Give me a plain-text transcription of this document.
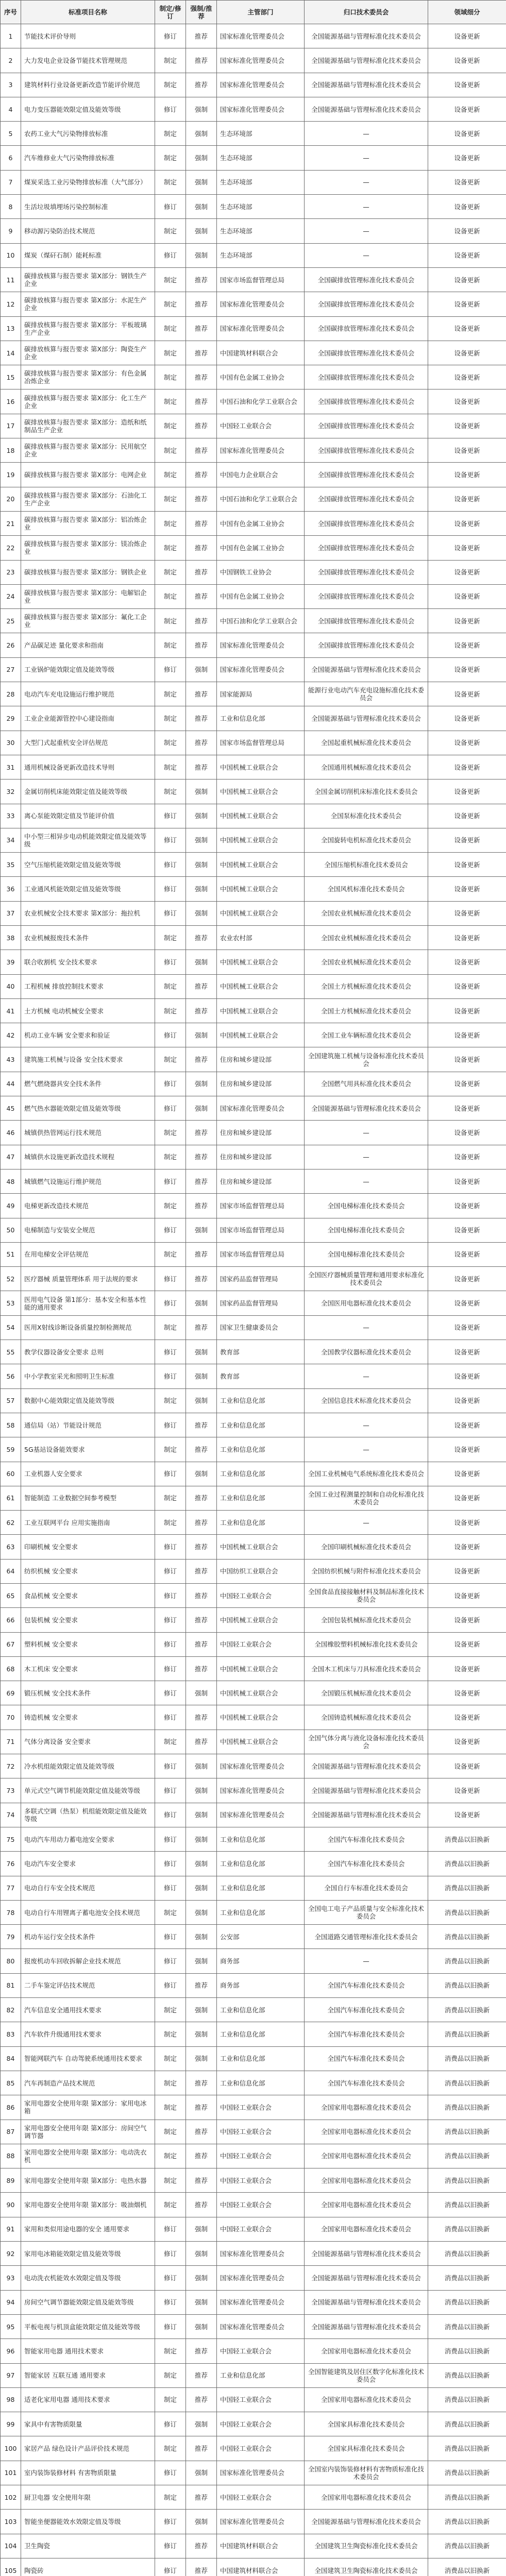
序号	标准项目名称	制定/修订	强制/推荐	主管部门	归口技术委员会	领域细分
1	节能技术评价导则	修订	推荐	国家标准化管理委员会	全国能源基础与管理标准化技术委员会	设备更新
2	大力发电企业设备节能技术管理规范	制定	推荐	国家标准化管理委员会	全国能源基础与管理标准化技术委员会	设备更新
3	建筑材料行业设备更新改造节能评价规范	制定	推荐	国家标准化管理委员会	全国能源基础与管理标准化技术委员会	设备更新
4	电力变压器能效限定值及能效等级	修订	强制	国家标准化管理委员会	全国能源基础与管理标准化技术委员会	设备更新
5	农药工业大气污染物排放标准	制定	强制	生态环境部	—	设备更新
6	汽车维修业大气污染物排放标准	制定	强制	生态环境部	—	设备更新
7	煤炭采选工业污染物排放标准（大气部分）	制定	强制	生态环境部	—	设备更新
8	生活垃圾填埋场污染控制标准	修订	强制	生态环境部	—	设备更新
9	移动源污染防治技术规范	制定	强制	生态环境部	—	设备更新
10	煤炭（煤矸石制）能耗标准	修订	强制	生态环境部	—	设备更新
11	碳排放核算与报告要求 第X部分：钢铁生产企业	制定	推荐	国家市场监督管理总局	全国碳排放管理标准化技术委员会	设备更新
12	碳排放核算与报告要求 第X部分：水泥生产企业	制定	推荐	国家标准化管理委员会	全国碳排放管理标准化技术委员会	设备更新
13	碳排放核算与报告要求 第X部分：平板玻璃生产企业	制定	推荐	国家标准化管理委员会	全国碳排放管理标准化技术委员会	设备更新
14	碳排放核算与报告要求 第X部分：陶瓷生产企业	制定	推荐	中国建筑材料联合会	全国碳排放管理标准化技术委员会	设备更新
15	碳排放核算与报告要求 第X部分：有色金属冶炼企业	制定	推荐	中国有色金属工业协会	全国碳排放管理标准化技术委员会	设备更新
16	碳排放核算与报告要求 第X部分：化工生产企业	制定	推荐	中国石油和化学工业联合会	全国碳排放管理标准化技术委员会	设备更新
17	碳排放核算与报告要求 第X部分：造纸和纸制品生产企业	制定	推荐	中国轻工业联合会	全国碳排放管理标准化技术委员会	设备更新
18	碳排放核算与报告要求 第X部分：民用航空企业	制定	推荐	国家标准化管理委员会	全国碳排放管理标准化技术委员会	设备更新
19	碳排放核算与报告要求 第X部分：电网企业	制定	推荐	中国电力企业联合会	全国碳排放管理标准化技术委员会	设备更新
20	碳排放核算与报告要求 第X部分：石油化工生产企业	制定	推荐	中国石油和化学工业联合会	全国碳排放管理标准化技术委员会	设备更新
21	碳排放核算与报告要求 第X部分：铝冶炼企业	制定	推荐	中国有色金属工业协会	全国碳排放管理标准化技术委员会	设备更新
22	碳排放核算与报告要求 第X部分：镁冶炼企业	制定	推荐	中国有色金属工业协会	全国碳排放管理标准化技术委员会	设备更新
23	碳排放核算与报告要求 第X部分：钢铁企业	制定	推荐	中国钢铁工业协会	全国碳排放管理标准化技术委员会	设备更新
24	碳排放核算与报告要求 第X部分：电解铝企业	制定	推荐	中国有色金属工业协会	全国碳排放管理标准化技术委员会	设备更新
25	碳排放核算与报告要求 第X部分：氟化工企业	制定	推荐	中国石油和化学工业联合会	全国碳排放管理标准化技术委员会	设备更新
26	产品碳足迹 量化要求和指南	制定	推荐	国家标准化管理委员会	全国碳排放管理标准化技术委员会	设备更新
27	工业锅炉能效限定值及能效等级	修订	强制	国家标准化管理委员会	全国能源基础与管理标准化技术委员会	设备更新
28	电动汽车充电设施运行维护规范	制定	推荐	国家能源局	能源行业电动汽车充电设施标准化技术委员会	设备更新
29	工业企业能源管控中心建设指南	制定	推荐	工业和信息化部	全国能源基础与管理标准化技术委员会	设备更新
30	大型门式起重机安全评估规范	制定	推荐	国家市场监督管理总局	全国起重机械标准化技术委员会	设备更新
31	通用机械设备更新改造技术导则	制定	推荐	中国机械工业联合会	全国通用机械标准化技术委员会	设备更新
32	金属切削机床能效限定值及能效等级	制定	强制	中国机械工业联合会	全国金属切削机床标准化技术委员会	设备更新
33	离心泵能效限定值及节能评价值	修订	强制	中国机械工业联合会	全国泵标准化技术委员会	设备更新
34	中小型三相异步电动机能效限定值及能效等级	修订	强制	中国机械工业联合会	全国旋转电机标准化技术委员会	设备更新
35	空气压缩机能效限定值及能效等级	修订	强制	中国机械工业联合会	全国压缩机标准化技术委员会	设备更新
36	工业通风机能效限定值及能效等级	修订	强制	中国机械工业联合会	全国风机标准化技术委员会	设备更新
37	农业机械安全技术要求 第X部分：拖拉机	修订	强制	中国机械工业联合会	全国农业机械标准化技术委员会	设备更新
38	农业机械报废技术条件	制定	推荐	农业农村部	全国农业机械标准化技术委员会	设备更新
39	联合收割机 安全技术要求	修订	强制	中国机械工业联合会	全国农业机械标准化技术委员会	设备更新
40	工程机械 排放控制技术要求	制定	推荐	中国机械工业联合会	全国土方机械标准化技术委员会	设备更新
41	土方机械 电动机械安全要求	制定	推荐	中国机械工业联合会	全国土方机械标准化技术委员会	设备更新
42	机动工业车辆 安全要求和验证	修订	强制	中国机械工业联合会	全国工业车辆标准化技术委员会	设备更新
43	建筑施工机械与设备 安全技术要求	制定	推荐	住房和城乡建设部	全国建筑施工机械与设备标准化技术委员会	设备更新
44	燃气燃烧器具安全技术条件	修订	强制	住房和城乡建设部	全国燃气用具标准化技术委员会	设备更新
45	燃气热水器能效限定值及能效等级	修订	强制	国家标准化管理委员会	全国能源基础与管理标准化技术委员会	设备更新
46	城镇供热管网运行技术规范	制定	推荐	住房和城乡建设部	—	设备更新
47	城镇供水设施更新改造技术规程	制定	推荐	住房和城乡建设部	—	设备更新
48	城镇燃气设施运行维护规范	修订	推荐	住房和城乡建设部	—	设备更新
49	电梯更新改造技术规范	制定	推荐	国家市场监督管理总局	全国电梯标准化技术委员会	设备更新
50	电梯制造与安装安全规范	修订	强制	国家市场监督管理总局	全国电梯标准化技术委员会	设备更新
51	在用电梯安全评估规范	制定	推荐	国家市场监督管理总局	全国电梯标准化技术委员会	设备更新
52	医疗器械 质量管理体系 用于法规的要求	修订	推荐	国家药品监督管理局	全国医疗器械质量管理和通用要求标准化技术委员会	设备更新
53	医用电气设备 第1部分：基本安全和基本性能的通用要求	修订	强制	国家药品监督管理局	全国医用电器标准化技术委员会	设备更新
54	医用X射线诊断设备质量控制检测规范	制定	推荐	国家卫生健康委员会	—	设备更新
55	教学仪器设备安全要求 总则	修订	强制	教育部	全国教学仪器标准化技术委员会	设备更新
56	中小学教室采光和照明卫生标准	修订	强制	教育部	—	设备更新
57	数据中心能效限定值及能效等级	制定	强制	工业和信息化部	全国信息技术标准化技术委员会	设备更新
58	通信局（站）节能设计规范	修订	推荐	工业和信息化部	—	设备更新
59	5G基站设备能效要求	制定	推荐	工业和信息化部	—	设备更新
60	工业机器人安全要求	修订	强制	工业和信息化部	全国工业机械电气系统标准化技术委员会	设备更新
61	智能制造 工业数据空间参考模型	制定	推荐	工业和信息化部	全国工业过程测量控制和自动化标准化技术委员会	设备更新
62	工业互联网平台 应用实施指南	制定	推荐	工业和信息化部	—	设备更新
63	印刷机械 安全要求	修订	推荐	中国机械工业联合会	全国印刷机械标准化技术委员会	设备更新
64	纺织机械 安全要求	修订	推荐	中国纺织工业联合会	全国纺织机械与附件标准化技术委员会	设备更新
65	食品机械 安全要求	修订	推荐	中国轻工业联合会	全国食品直接接触材料及制品标准化技术委员会	设备更新
66	包装机械 安全要求	修订	推荐	中国机械工业联合会	全国包装机械标准化技术委员会	设备更新
67	塑料机械 安全要求	修订	推荐	中国轻工业联合会	全国橡胶塑料机械标准化技术委员会	设备更新
68	木工机床 安全要求	修订	推荐	中国机械工业联合会	全国木工机床与刀具标准化技术委员会	设备更新
69	锻压机械 安全技术条件	修订	强制	中国机械工业联合会	全国锻压机械标准化技术委员会	设备更新
70	铸造机械 安全要求	修订	推荐	中国机械工业联合会	全国铸造机械标准化技术委员会	设备更新
71	气体分离设备 安全要求	制定	推荐	中国机械工业联合会	全国气体分离与液化设备标准化技术委员会	设备更新
72	冷水机组能效限定值及能效等级	修订	强制	国家标准化管理委员会	全国能源基础与管理标准化技术委员会	设备更新
73	单元式空气调节机能效限定值及能效等级	修订	强制	国家标准化管理委员会	全国能源基础与管理标准化技术委员会	设备更新
74	多联式空调（热泵）机组能效限定值及能效等级	修订	强制	国家标准化管理委员会	全国能源基础与管理标准化技术委员会	设备更新
75	电动汽车用动力蓄电池安全要求	修订	强制	工业和信息化部	全国汽车标准化技术委员会	消费品以旧换新
76	电动汽车安全要求	修订	强制	工业和信息化部	全国汽车标准化技术委员会	消费品以旧换新
77	电动自行车安全技术规范	修订	强制	工业和信息化部	全国自行车标准化技术委员会	消费品以旧换新
78	电动自行车用锂离子蓄电池安全技术规范	制定	强制	工业和信息化部	全国电工电子产品质量与安全标准化技术委员会	消费品以旧换新
79	机动车运行安全技术条件	修订	强制	公安部	全国道路交通管理标准化技术委员会	消费品以旧换新
80	报废机动车回收拆解企业技术规范	修订	强制	商务部	—	消费品以旧换新
81	二手车鉴定评估技术规范	修订	推荐	商务部	全国汽车标准化技术委员会	消费品以旧换新
82	汽车信息安全通用技术要求	制定	强制	工业和信息化部	全国汽车标准化技术委员会	消费品以旧换新
83	汽车软件升级通用技术要求	制定	强制	工业和信息化部	全国汽车标准化技术委员会	消费品以旧换新
84	智能网联汽车 自动驾驶系统通用技术要求	制定	强制	工业和信息化部	全国汽车标准化技术委员会	消费品以旧换新
85	汽车再制造产品技术规范	制定	推荐	工业和信息化部	全国汽车标准化技术委员会	消费品以旧换新
86	家用电器安全使用年限 第X部分：家用电冰箱	制定	推荐	中国轻工业联合会	全国家用电器标准化技术委员会	消费品以旧换新
87	家用电器安全使用年限 第X部分：房间空气调节器	制定	推荐	中国轻工业联合会	全国家用电器标准化技术委员会	消费品以旧换新
88	家用电器安全使用年限 第X部分：电动洗衣机	制定	推荐	中国轻工业联合会	全国家用电器标准化技术委员会	消费品以旧换新
89	家用电器安全使用年限 第X部分：电热水器	制定	推荐	中国轻工业联合会	全国家用电器标准化技术委员会	消费品以旧换新
90	家用电器安全使用年限 第X部分：吸油烟机	制定	推荐	中国轻工业联合会	全国家用电器标准化技术委员会	消费品以旧换新
91	家用和类似用途电器的安全 通用要求	修订	强制	中国轻工业联合会	全国家用电器标准化技术委员会	消费品以旧换新
92	家用电冰箱能效限定值及能效等级	修订	强制	国家标准化管理委员会	全国能源基础与管理标准化技术委员会	消费品以旧换新
93	电动洗衣机能效水效限定值及等级	修订	强制	国家标准化管理委员会	全国能源基础与管理标准化技术委员会	消费品以旧换新
94	房间空气调节器能效限定值及能效等级	修订	强制	国家标准化管理委员会	全国能源基础与管理标准化技术委员会	消费品以旧换新
95	平板电视与机顶盒能效限定值及能效等级	修订	强制	国家标准化管理委员会	全国能源基础与管理标准化技术委员会	消费品以旧换新
96	智能家用电器 通用技术要求	制定	推荐	中国轻工业联合会	全国家用电器标准化技术委员会	消费品以旧换新
97	智能家居 互联互通 通用要求	制定	推荐	工业和信息化部	全国智能建筑及居住区数字化标准化技术委员会	消费品以旧换新
98	适老化家用电器 通用技术要求	制定	推荐	中国轻工业联合会	全国家用电器标准化技术委员会	消费品以旧换新
99	家具中有害物质限量	修订	强制	中国轻工业联合会	全国家具标准化技术委员会	消费品以旧换新
100	家居产品 绿色设计产品评价技术规范	制定	推荐	中国轻工业联合会	全国家具标准化技术委员会	消费品以旧换新
101	室内装饰装修材料 有害物质限量	修订	强制	国家标准化管理委员会	全国室内装饰装修材料有害物质标准化技术委员会	消费品以旧换新
102	厨卫电器 安全使用年限	制定	推荐	中国轻工业联合会	全国家用电器标准化技术委员会	消费品以旧换新
103	智能坐便器能效水效限定值及等级	修订	强制	国家标准化管理委员会	全国能源基础与管理标准化技术委员会	消费品以旧换新
104	卫生陶瓷	修订	推荐	中国建筑材料联合会	全国建筑卫生陶瓷标准化技术委员会	消费品以旧换新
105	陶瓷砖	修订	推荐	中国建筑材料联合会	全国建筑卫生陶瓷标准化技术委员会	消费品以旧换新
